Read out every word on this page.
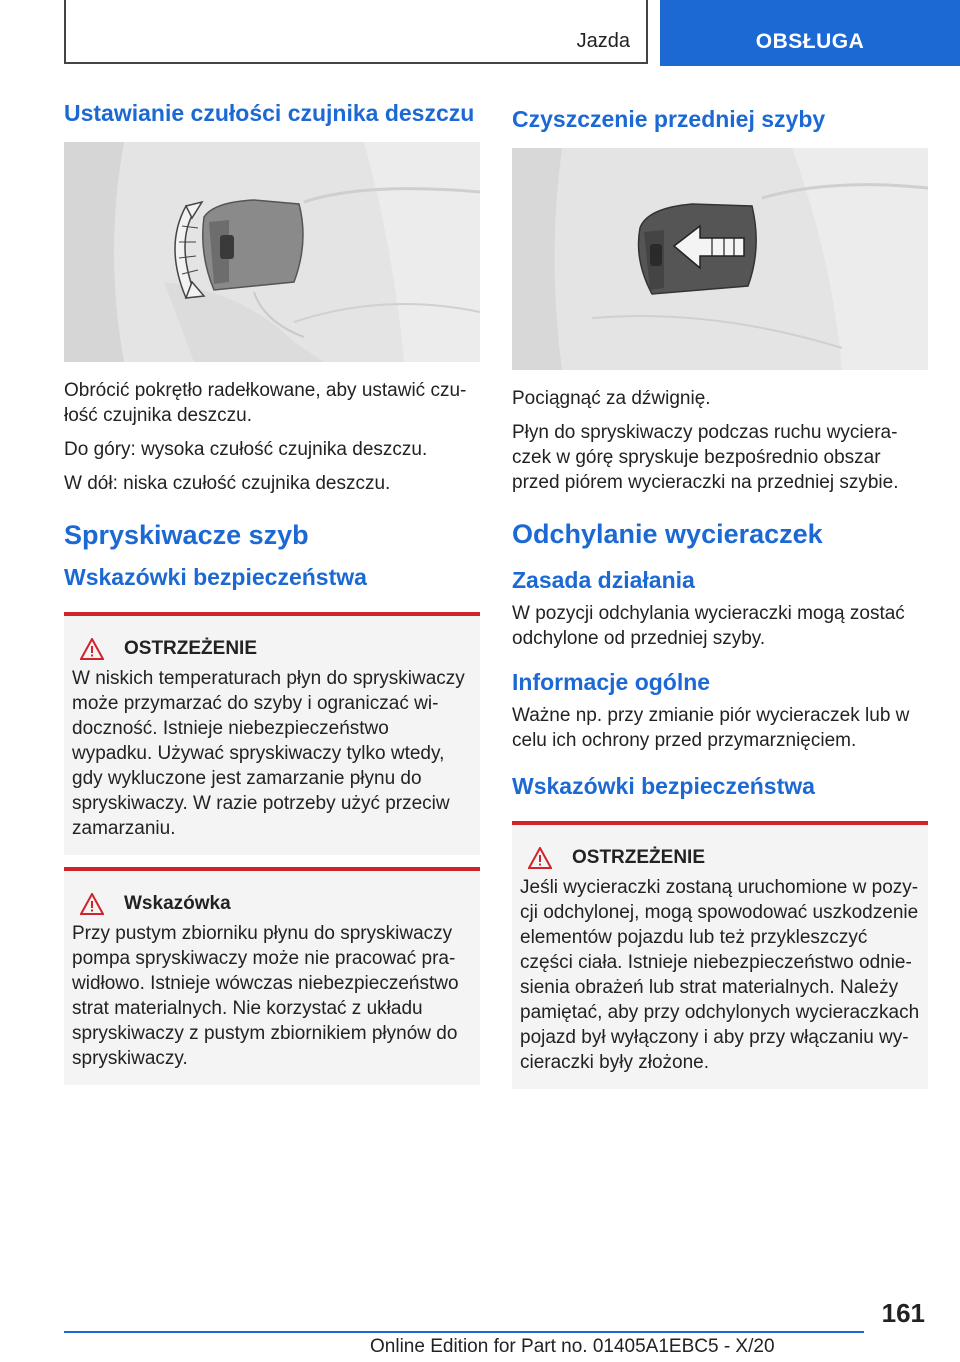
Jazda	OBSŁUGA
Ustawianie czułości czujnika deszczu

Obrócić pokrętło radełkowane, aby ustawić czułość czujnika deszczu.

Do góry: wysoka czułość czujnika deszczu.

W dół: niska czułość czujnika deszczu.

Spryskiwacze szyb
Wskazówki bezpieczeństwa
OSTRZEŻENIE

W niskich temperaturach płyn do spryskiwaczy może przymarzać do szyby i ograniczać widoczność. Istnieje niebezpieczeństwo wypadku. Używać spryskiwaczy tylko wtedy, gdy wykluczone jest zamarzanie płynu do spryskiwaczy. W razie potrzeby użyć przeciw zamarzaniu.

Wskazówka

Przy pustym zbiorniku płynu do spryskiwaczy pompa spryskiwaczy może nie pracować prawidłowo. Istnieje wówczas niebezpieczeństwo strat materialnych. Nie korzystać z układu spryskiwaczy z pustym zbiornikiem płynów do spryskiwaczy.

Czyszczenie przedniej szyby

Pociągnąć za dźwignię.

Płyn do spryskiwaczy podczas ruchu wycieraczek w górę spryskuje bezpośrednio obszar przed piórem wycieraczki na przedniej szybie.

Odchylanie wycieraczek
Zasada działania

W pozycji odchylania wycieraczki mogą zostać odchylone od przedniej szyby.

Informacje ogólne

Ważne np. przy zmianie piór wycieraczek lub w celu ich ochrony przed przymarznięciem.

Wskazówki bezpieczeństwa
OSTRZEŻENIE

Jeśli wycieraczki zostaną uruchomione w pozycji odchylonej, mogą spowodować uszkodzenie elementów pojazdu lub też przykleszczyć części ciała. Istnieje niebezpieczeństwo odniesienia obrażeń lub strat materialnych. Należy pamiętać, aby przy odchylonych wycieraczkach pojazd był wyłączony i aby przy włączaniu wycieraczki były złożone.

161
Online Edition for Part no. 01405A1EBC5 - X/20
